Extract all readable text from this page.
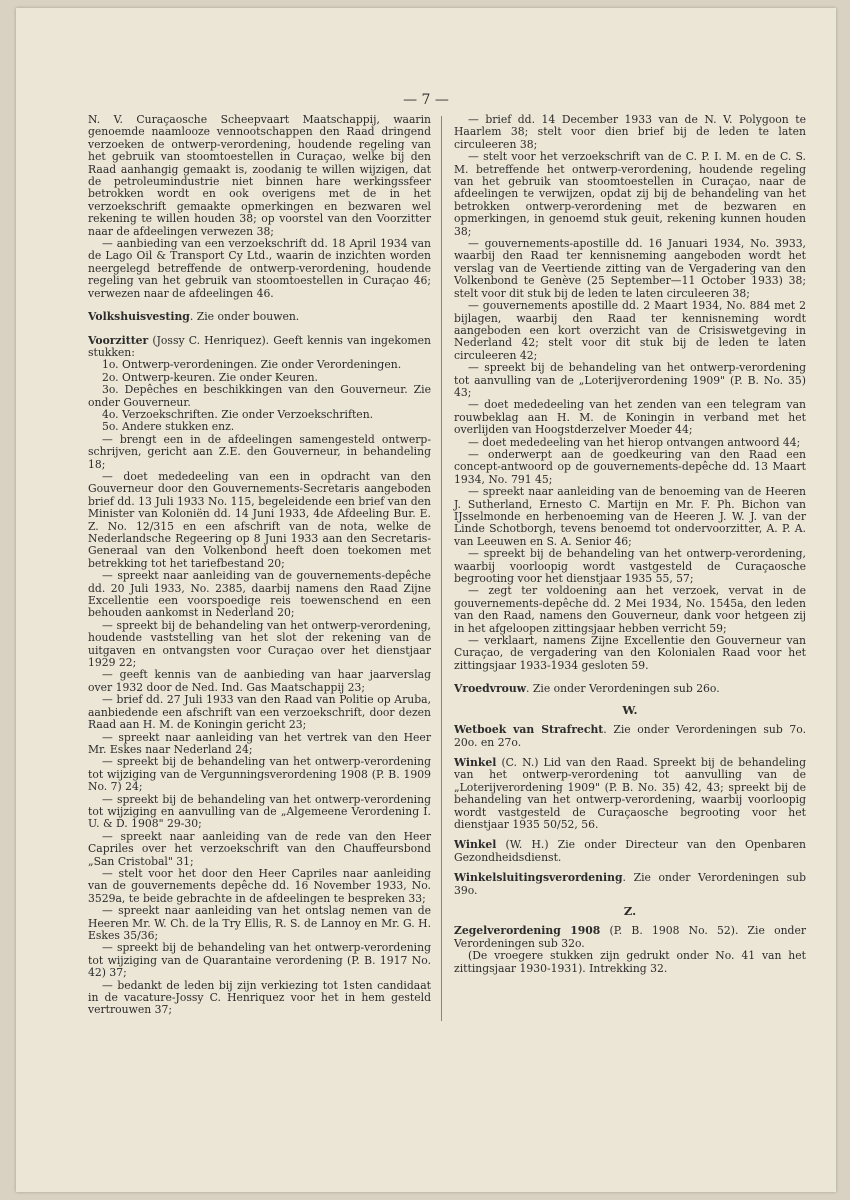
— 7 —

N. V. Curaçaosche Scheepvaart Maatschappij, waarin genoemde naamlooze vennootschappen den Raad dringend verzoeken de ontwerp-verordening, houdende regeling van het gebruik van stoomtoestellen in Curaçao, welke bij den Raad aanhangig gemaakt is, zoodanig te willen wijzigen, dat de petroleumindustrie niet binnen hare werkingssfeer betrokken wordt en ook overigens met de in het verzoekschrift gemaakte opmerkingen en bezwaren wel rekening te willen houden 38; op voorstel van den Voorzitter naar de afdeelingen verwezen 38;

— aanbieding van een verzoekschrift dd. 18 April 1934 van de Lago Oil & Transport Cy Ltd., waarin de inzichten worden neergelegd betreffende de ontwerp-verordening, houdende regeling van het gebruik van stoomtoestellen in Curaçao 46; verwezen naar de afdeelingen 46.

Volkshuisvesting. Zie onder bouwen.

Voorzitter (Jossy C. Henriquez). Geeft kennis van ingekomen stukken:

1o. Ontwerp-verordeningen. Zie onder Verordeningen.

2o. Ontwerp-keuren. Zie onder Keuren.

3o. Depêches en beschikkingen van den Gouverneur. Zie onder Gouverneur.

4o. Verzoekschriften. Zie onder Verzoekschriften.

5o. Andere stukken enz.

— brengt een in de afdeelingen samengesteld ontwerp-schrijven, gericht aan Z.E. den Gouverneur, in behandeling 18;

— doet mededeeling van een in opdracht van den Gouverneur door den Gouvernements-Secretaris aangeboden brief dd. 13 Juli 1933 No. 115, begeleidende een brief van den Minister van Koloniën dd. 14 Juni 1933, 4de Afdeeling Bur. E. Z. No. 12/315 en een afschrift van de nota, welke de Nederlandsche Regeering op 8 Juni 1933 aan den Secretaris-Generaal van den Volkenbond heeft doen toekomen met betrekking tot het tariefbestand 20;

— spreekt naar aanleiding van de gouvernements-depêche dd. 20 Juli 1933, No. 2385, daarbij namens den Raad Zijne Excellentie een voorspoedige reis toewenschend en een behouden aankomst in Nederland 20;

— spreekt bij de behandeling van het ontwerp-verordening, houdende vaststelling van het slot der rekening van de uitgaven en ontvangsten voor Curaçao over het dienstjaar 1929 22;

— geeft kennis van de aanbieding van haar jaarverslag over 1932 door de Ned. Ind. Gas Maatschappij 23;

— brief dd. 27 Juli 1933 van den Raad van Politie op Aruba, aanbiedende een afschrift van een verzoekschrift, door dezen Raad aan H. M. de Koningin gericht 23;

— spreekt naar aanleiding van het vertrek van den Heer Mr. Eskes naar Nederland 24;

— spreekt bij de behandeling van het ontwerp-verordening tot wijziging van de Vergunningsverordening 1908 (P. B. 1909 No. 7) 24;

— spreekt bij de behandeling van het ontwerp-verordening tot wijziging en aanvulling van de „Algemeene Verordening I. U. & D. 1908" 29-30;

— spreekt naar aanleiding van de rede van den Heer Capriles over het verzoekschrift van den Chauffeursbond „San Cristobal" 31;

— stelt voor het door den Heer Capriles naar aanleiding van de gouvernements depêche dd. 16 November 1933, No. 3529a, te beide gebrachte in de afdeelingen te bespreken 33;

— spreekt naar aanleiding van het ontslag nemen van de Heeren Mr. W. Ch. de la Try Ellis, R. S. de Lannoy en Mr. G. H. Eskes 35/36;

— spreekt bij de behandeling van het ontwerp-verordening tot wijziging van de Quarantaine verordening (P. B. 1917 No. 42) 37;

— bedankt de leden bij zijn verkiezing tot 1sten candidaat in de vacature-Jossy C. Henriquez voor het in hem gesteld vertrouwen 37;

— brief dd. 14 December 1933 van de N. V. Polygoon te Haarlem 38; stelt voor dien brief bij de leden te laten circuleeren 38;

— stelt voor het verzoekschrift van de C. P. I. M. en de C. S. M. betreffende het ontwerp-verordening, houdende regeling van het gebruik van stoomtoestellen in Curaçao, naar de afdeelingen te verwijzen, opdat zij bij de behandeling van het betrokken ontwerp-verordening met de bezwaren en opmerkingen, in genoemd stuk geuit, rekening kunnen houden 38;

— gouvernements-apostille dd. 16 Januari 1934, No. 3933, waarbij den Raad ter kennisneming aangeboden wordt het verslag van de Veertiende zitting van de Vergadering van den Volkenbond te Genève (25 September—11 October 1933) 38; stelt voor dit stuk bij de leden te laten circuleeren 38;

— gouvernements apostille dd. 2 Maart 1934, No. 884 met 2 bijlagen, waarbij den Raad ter kennisneming wordt aangeboden een kort overzicht van de Crisiswetgeving in Nederland 42; stelt voor dit stuk bij de leden te laten circuleeren 42;

— spreekt bij de behandeling van het ontwerp-verordening tot aanvulling van de „Loterijverordening 1909" (P. B. No. 35) 43;

— doet mededeeling van het zenden van een telegram van rouwbeklag aan H. M. de Koningin in verband met het overlijden van Hoogstderzelver Moeder 44;

— doet mededeeling van het hierop ontvangen antwoord 44;

— onderwerpt aan de goedkeuring van den Raad een concept-antwoord op de gouvernements-depêche dd. 13 Maart 1934, No. 791 45;

— spreekt naar aanleiding van de benoeming van de Heeren J. Sutherland, Ernesto C. Martijn en Mr. F. Ph. Bichon van IJsselmonde en herbenoeming van de Heeren J. W. J. van der Linde Schotborgh, tevens benoemd tot ondervoorzitter, A. P. A. van Leeuwen en S. A. Senior 46;

— spreekt bij de behandeling van het ontwerp-verordening, waarbij voorloopig wordt vastgesteld de Curaçaosche begrooting voor het dienstjaar 1935 55, 57;

— zegt ter voldoening aan het verzoek, vervat in de gouvernements-depêche dd. 2 Mei 1934, No. 1545a, den leden van den Raad, namens den Gouverneur, dank voor hetgeen zij in het afgeloopen zittingsjaar hebben verricht 59;

— verklaart, namens Zijne Excellentie den Gouverneur van Curaçao, de vergadering van den Kolonialen Raad voor het zittingsjaar 1933-1934 gesloten 59.

Vroedvrouw. Zie onder Verordeningen sub 26o.

W.

Wetboek van Strafrecht. Zie onder Verordeningen sub 7o. 20o. en 27o.

Winkel (C. N.) Lid van den Raad. Spreekt bij de behandeling van het ontwerp-verordening tot aanvulling van de „Loterijverordening 1909" (P. B. No. 35) 42, 43; spreekt bij de behandeling van het ontwerp-verordening, waarbij voorloopig wordt vastgesteld de Curaçaosche begrooting voor het dienstjaar 1935 50/52, 56.

Winkel (W. H.) Zie onder Directeur van den Openbaren Gezondheidsdienst.

Winkelsluitingsverordening. Zie onder Verordeningen sub 39o.

Z.

Zegelverordening 1908 (P. B. 1908 No. 52). Zie onder Verordeningen sub 32o.

(De vroegere stukken zijn gedrukt onder No. 41 van het zittingsjaar 1930-1931). Intrekking 32.
